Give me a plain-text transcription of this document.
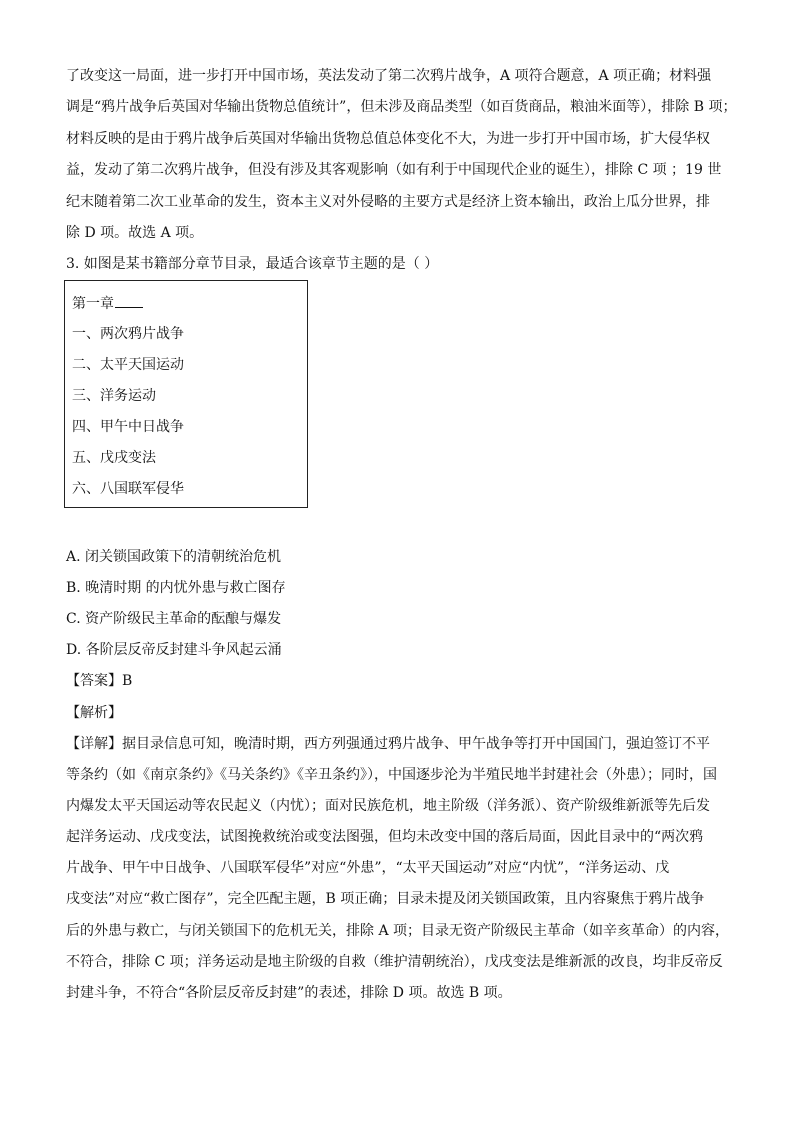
了改变这一局面，进一步打开中国市场，英法发动了第二次鸦片战争，A 项符合题意，A 项正确；材料强
调是“鸦片战争后英国对华输出货物总值统计”，但未涉及商品类型（如百货商品，粮油米面等），排除 B 项；
材料反映的是由于鸦片战争后英国对华输出货物总值总体变化不大，为进一步打开中国市场，扩大侵华权
益，发动了第二次鸦片战争，但没有涉及其客观影响（如有利于中国现代企业的诞生），排除 C 项 ；19 世
纪末随着第二次工业革命的发生，资本主义对外侵略的主要方式是经济上资本输出，政治上瓜分世界，排
除 D 项。故选 A 项。
3. 如图是某书籍部分章节目录，最适合该章节主题的是（ ）
第一章
一、两次鸦片战争
二、太平天国运动
三、洋务运动
四、甲午中日战争
五、戊戌变法
六、八国联军侵华
A. 闭关锁国政策下的清朝统治危机
B. 晚清时期 的内忧外患与救亡图存
C. 资产阶级民主革命的酝酿与爆发
D. 各阶层反帝反封建斗争风起云涌
【答案】B
【解析】
【详解】据目录信息可知，晚清时期，西方列强通过鸦片战争、甲午战争等打开中国国门，强迫签订不平
等条约（如《南京条约》《马关条约》《辛丑条约》），中国逐步沦为半殖民地半封建社会（外患）；同时，国
内爆发太平天国运动等农民起义（内忧）；面对民族危机，地主阶级（洋务派）、资产阶级维新派等先后发
起洋务运动、戊戌变法，试图挽救统治或变法图强，但均未改变中国的落后局面，因此目录中的“两次鸦
片战争、甲午中日战争、八国联军侵华”对应“外患”，“太平天国运动”对应“内忧”，“洋务运动、戊
戌变法”对应“救亡图存”，完全匹配主题，B 项正确；目录未提及闭关锁国政策，且内容聚焦于鸦片战争
后的外患与救亡，与闭关锁国下的危机无关，排除 A 项；目录无资产阶级民主革命（如辛亥革命）的内容，
不符合，排除 C 项；洋务运动是地主阶级的自救（维护清朝统治），戊戌变法是维新派的改良，均非反帝反
封建斗争，不符合“各阶层反帝反封建”的表述，排除 D 项。故选 B 项。
